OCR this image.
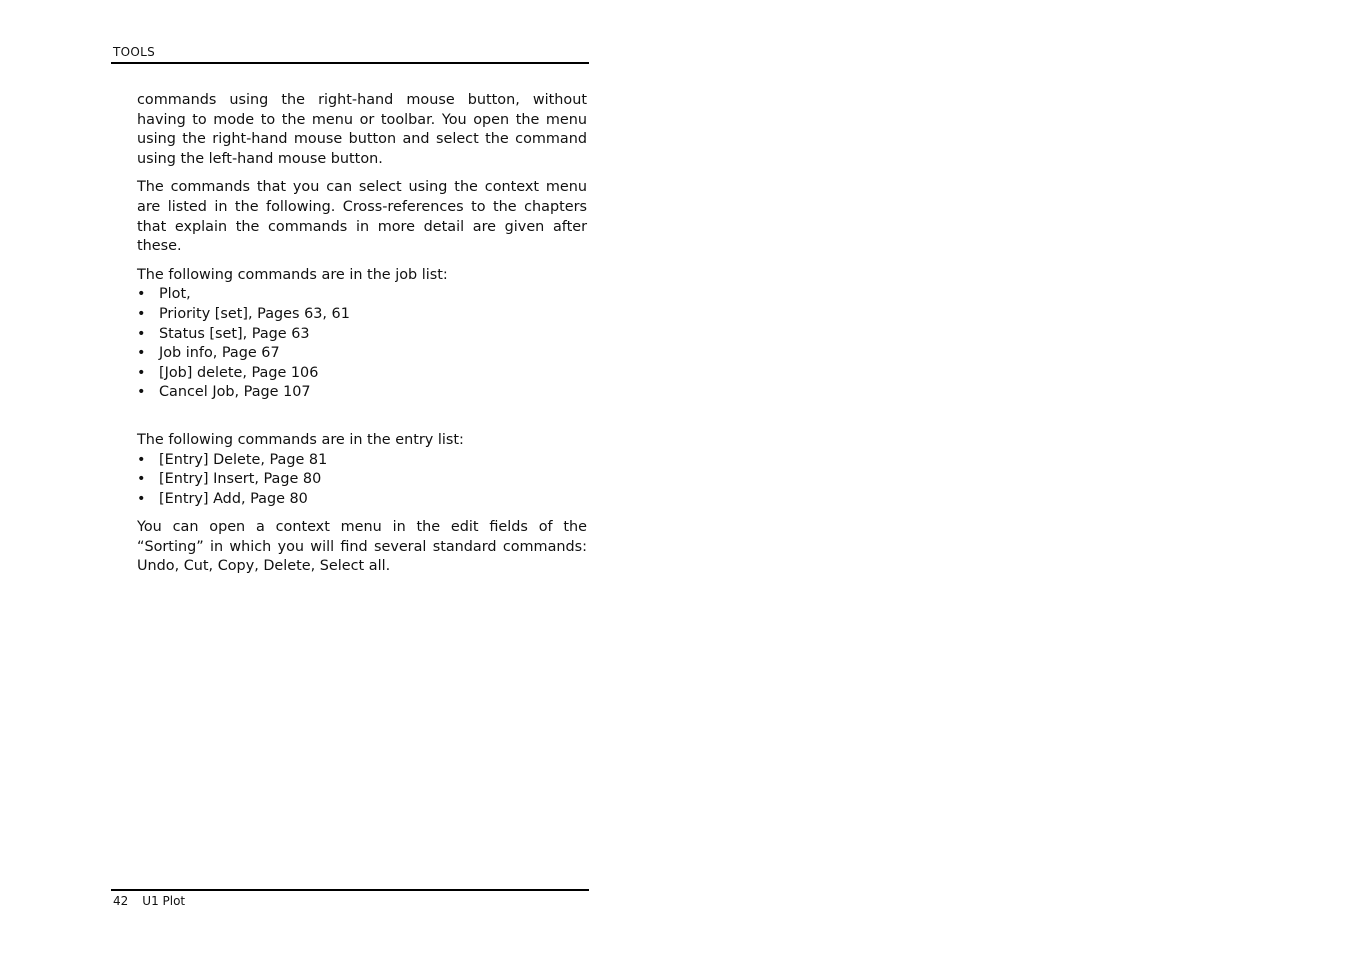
TOOLS

commands using the right-hand mouse button, without having to mode to the menu or toolbar. You open the menu using the right-hand mouse button and select the command using the left-hand mouse button.

The commands that you can select using the context menu are listed in the following. Cross-references to the chapters that explain the commands in more detail are given after these.

The following commands are in the job list:

• Plot,
• Priority [set], Pages 63, 61
• Status [set], Page 63
• Job info, Page 67
• [Job] delete, Page 106
• Cancel Job, Page 107

The following commands are in the entry list:

• [Entry] Delete, Page 81
• [Entry] Insert, Page 80
• [Entry] Add, Page 80

You can open a context menu in the edit fields of the “Sorting” in which you will find several standard commands: Undo, Cut, Copy, Delete, Select all.

42 U1 Plot
